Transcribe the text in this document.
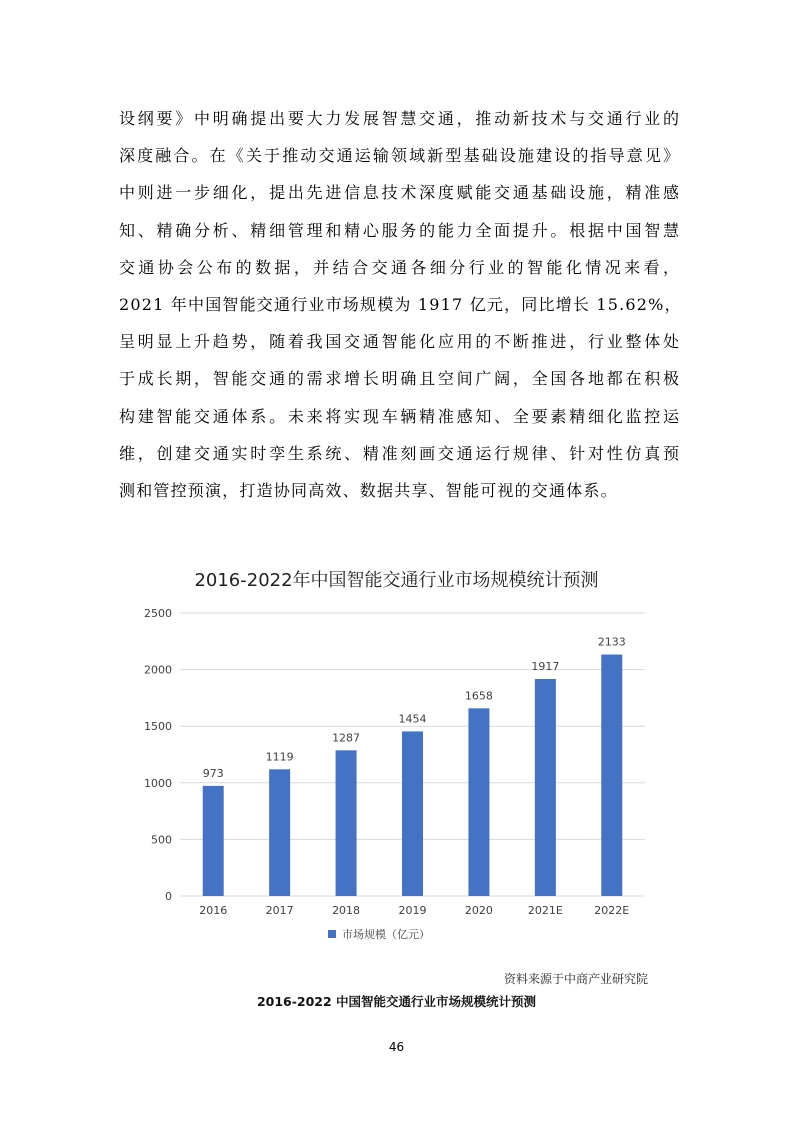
设纲要》中明确提出要大力发展智慧交通，推动新技术与交通行业的
深度融合。在《关于推动交通运输领域新型基础设施建设的指导意见》
中则进一步细化，提出先进信息技术深度赋能交通基础设施，精准感
知、精确分析、精细管理和精心服务的能力全面提升。根据中国智慧
交通协会公布的数据，并结合交通各细分行业的智能化情况来看，
2021 年中国智能交通行业市场规模为 1917 亿元，同比增长 15.62%，
呈明显上升趋势，随着我国交通智能化应用的不断推进，行业整体处
于成长期，智能交通的需求增长明确且空间广阔，全国各地都在积极
构建智能交通体系。未来将实现车辆精准感知、全要素精细化监控运
维，创建交通实时孪生系统、精准刻画交通运行规律、针对性仿真预
测和管控预演，打造协同高效、数据共享、智能可视的交通体系。
2016-2022年中国智能交通行业市场规模统计预测
0
500
1000
1500
2000
2500
973
2016
1119
2017
1287
2018
1454
2019
1658
2020
1917
2021E
2133
2022E
市场规模（亿元）
资料来源于中商产业研究院
2016-2022 中国智能交通行业市场规模统计预测
46
